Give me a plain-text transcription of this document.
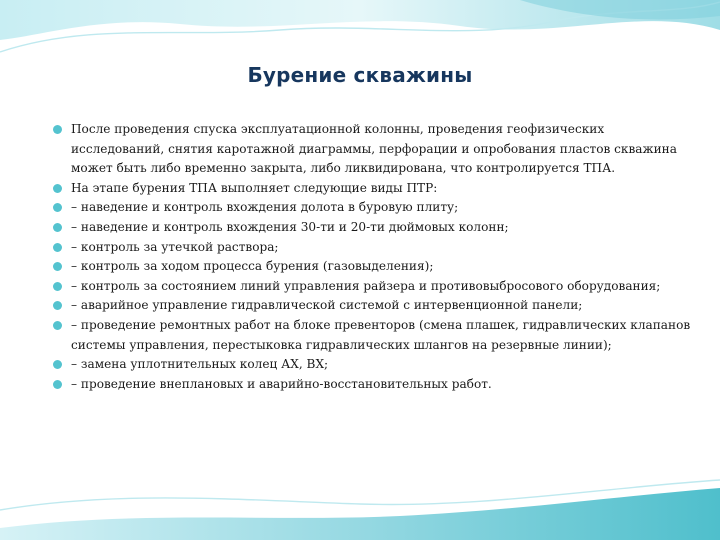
Бурение скважины
После проведения спуска эксплуатационной колонны, проведения геофизических исследований, снятия каротажной диаграммы, перфорации и опробования пластов скважина может быть либо временно закрыта, либо ликвидирована, что контролируется ТПА.
На этапе бурения ТПА выполняет следующие виды ПТР:
– наведение и контроль вхождения долота в буровую плиту;
– наведение и контроль вхождения 30-ти и 20-ти дюймовых колонн;
– контроль за утечкой раствора;
– контроль за ходом процесса бурения (газовыделения);
– контроль за состоянием линий управления райзера и противовыбросового оборудования;
– аварийное управление гидравлической системой с интервенционной панели;
– проведение ремонтных работ на блоке превенторов (смена плашек, гидравлических клапанов системы управления, перестыковка гидравлических шлангов на резервные линии);
– замена уплотнительных колец АХ, ВХ;
– проведение внеплановых и аварийно-восстановительных работ.
